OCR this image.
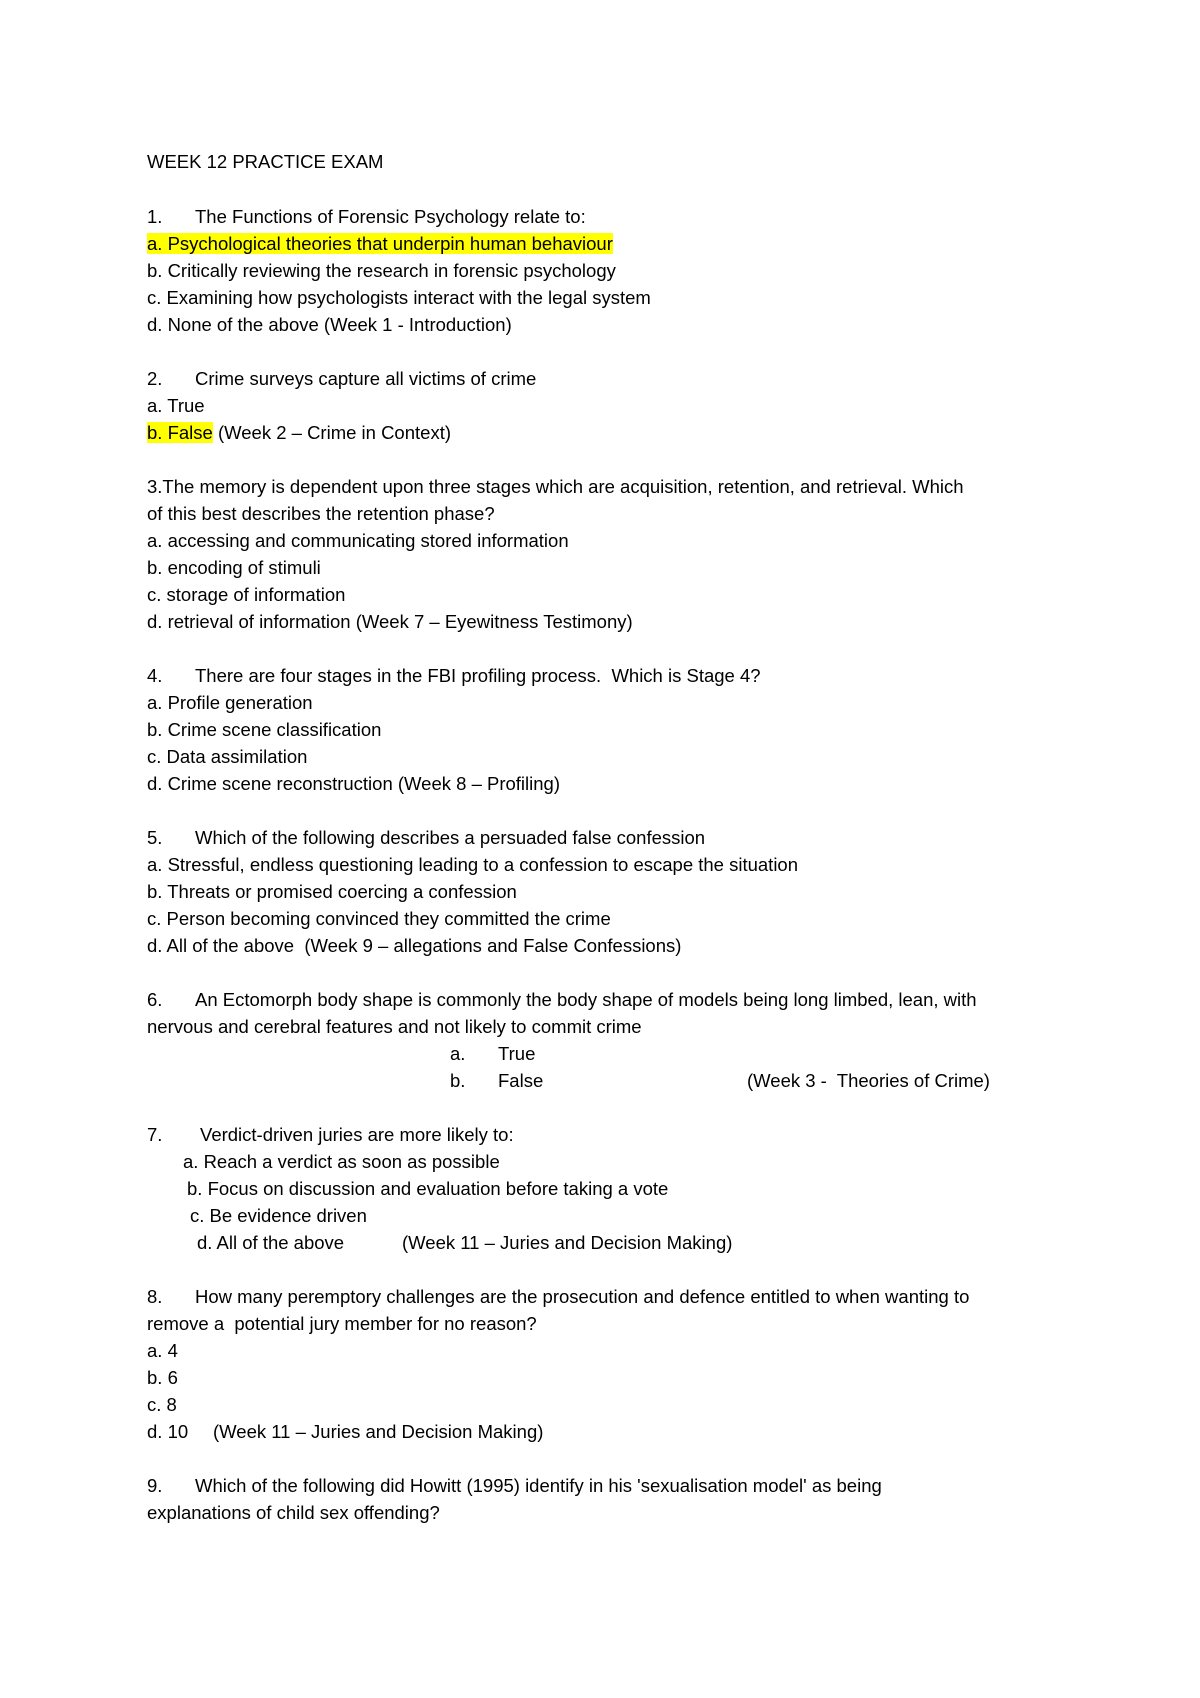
WEEK 12 PRACTICE EXAM
1. The Functions of Forensic Psychology relate to:
a. Psychological theories that underpin human behaviour
b. Critically reviewing the research in forensic psychology
c. Examining how psychologists interact with the legal system
d. None of the above (Week 1 - Introduction)
2. Crime surveys capture all victims of crime
a. True
b. False (Week 2 – Crime in Context)
3.The memory is dependent upon three stages which are acquisition, retention, and retrieval. Which
of this best describes the retention phase?
a. accessing and communicating stored information
b. encoding of stimuli
c. storage of information
d. retrieval of information (Week 7 – Eyewitness Testimony)
4. There are four stages in the FBI profiling process.  Which is Stage 4?
a. Profile generation
b. Crime scene classification
c. Data assimilation
d. Crime scene reconstruction (Week 8 – Profiling)
5. Which of the following describes a persuaded false confession
a. Stressful, endless questioning leading to a confession to escape the situation
b. Threats or promised coercing a confession
c. Person becoming convinced they committed the crime
d. All of the above  (Week 9 – allegations and False Confessions)
6. An Ectomorph body shape is commonly the body shape of models being long limbed, lean, with
nervous and cerebral features and not likely to commit crime
a. True
b. False	(Week 3 -  Theories of Crime)
7. Verdict-driven juries are more likely to:
a. Reach a verdict as soon as possible
b. Focus on discussion and evaluation before taking a vote
c. Be evidence driven
d. All of the above	(Week 11 – Juries and Decision Making)
8. How many peremptory challenges are the prosecution and defence entitled to when wanting to
remove a  potential jury member for no reason?
a. 4
b. 6
c. 8
d. 10 (Week 11 – Juries and Decision Making)
9. Which of the following did Howitt (1995) identify in his 'sexualisation model' as being
explanations of child sex offending?
